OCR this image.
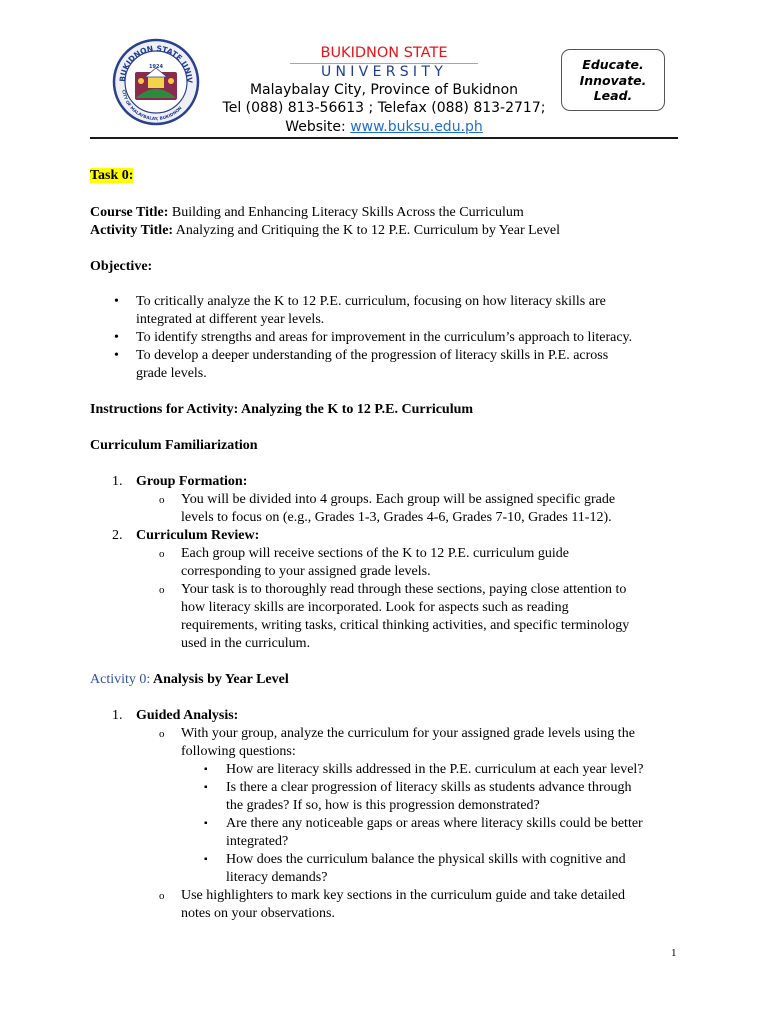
BUKIDNON STATE UNIV
CITY OF MALAYBALAY, BUKIDNON
1924
BUKIDNON STATE
UNIVERSITY
Malaybalay City, Province of Bukidnon
Tel (088) 813-56613 ; Telefax (088) 813-2717;
Website: www.buksu.edu.ph
Educate.
Innovate.
Lead.
Task 0:
Course Title: Building and Enhancing Literacy Skills Across the Curriculum
Activity Title: Analyzing and Critiquing the K to 12 P.E. Curriculum by Year Level
Objective:
• To critically analyze the K to 12 P.E. curriculum, focusing on how literacy skills are
integrated at different year levels.
• To identify strengths and areas for improvement in the curriculum’s approach to literacy.
• To develop a deeper understanding of the progression of literacy skills in P.E. across
grade levels.
Instructions for Activity: Analyzing the K to 12 P.E. Curriculum
Curriculum Familiarization
1. Group Formation:
o You will be divided into 4 groups. Each group will be assigned specific grade
levels to focus on (e.g., Grades 1-3, Grades 4-6, Grades 7-10, Grades 11-12).
2. Curriculum Review:
o Each group will receive sections of the K to 12 P.E. curriculum guide
corresponding to your assigned grade levels.
o Your task is to thoroughly read through these sections, paying close attention to
how literacy skills are incorporated. Look for aspects such as reading
requirements, writing tasks, critical thinking activities, and specific terminology
used in the curriculum.
Activity 0: Analysis by Year Level
1. Guided Analysis:
o With your group, analyze the curriculum for your assigned grade levels using the
following questions:
▪ How are literacy skills addressed in the P.E. curriculum at each year level?
▪ Is there a clear progression of literacy skills as students advance through
the grades? If so, how is this progression demonstrated?
▪ Are there any noticeable gaps or areas where literacy skills could be better
integrated?
▪ How does the curriculum balance the physical skills with cognitive and
literacy demands?
o Use highlighters to mark key sections in the curriculum guide and take detailed
notes on your observations.
1
